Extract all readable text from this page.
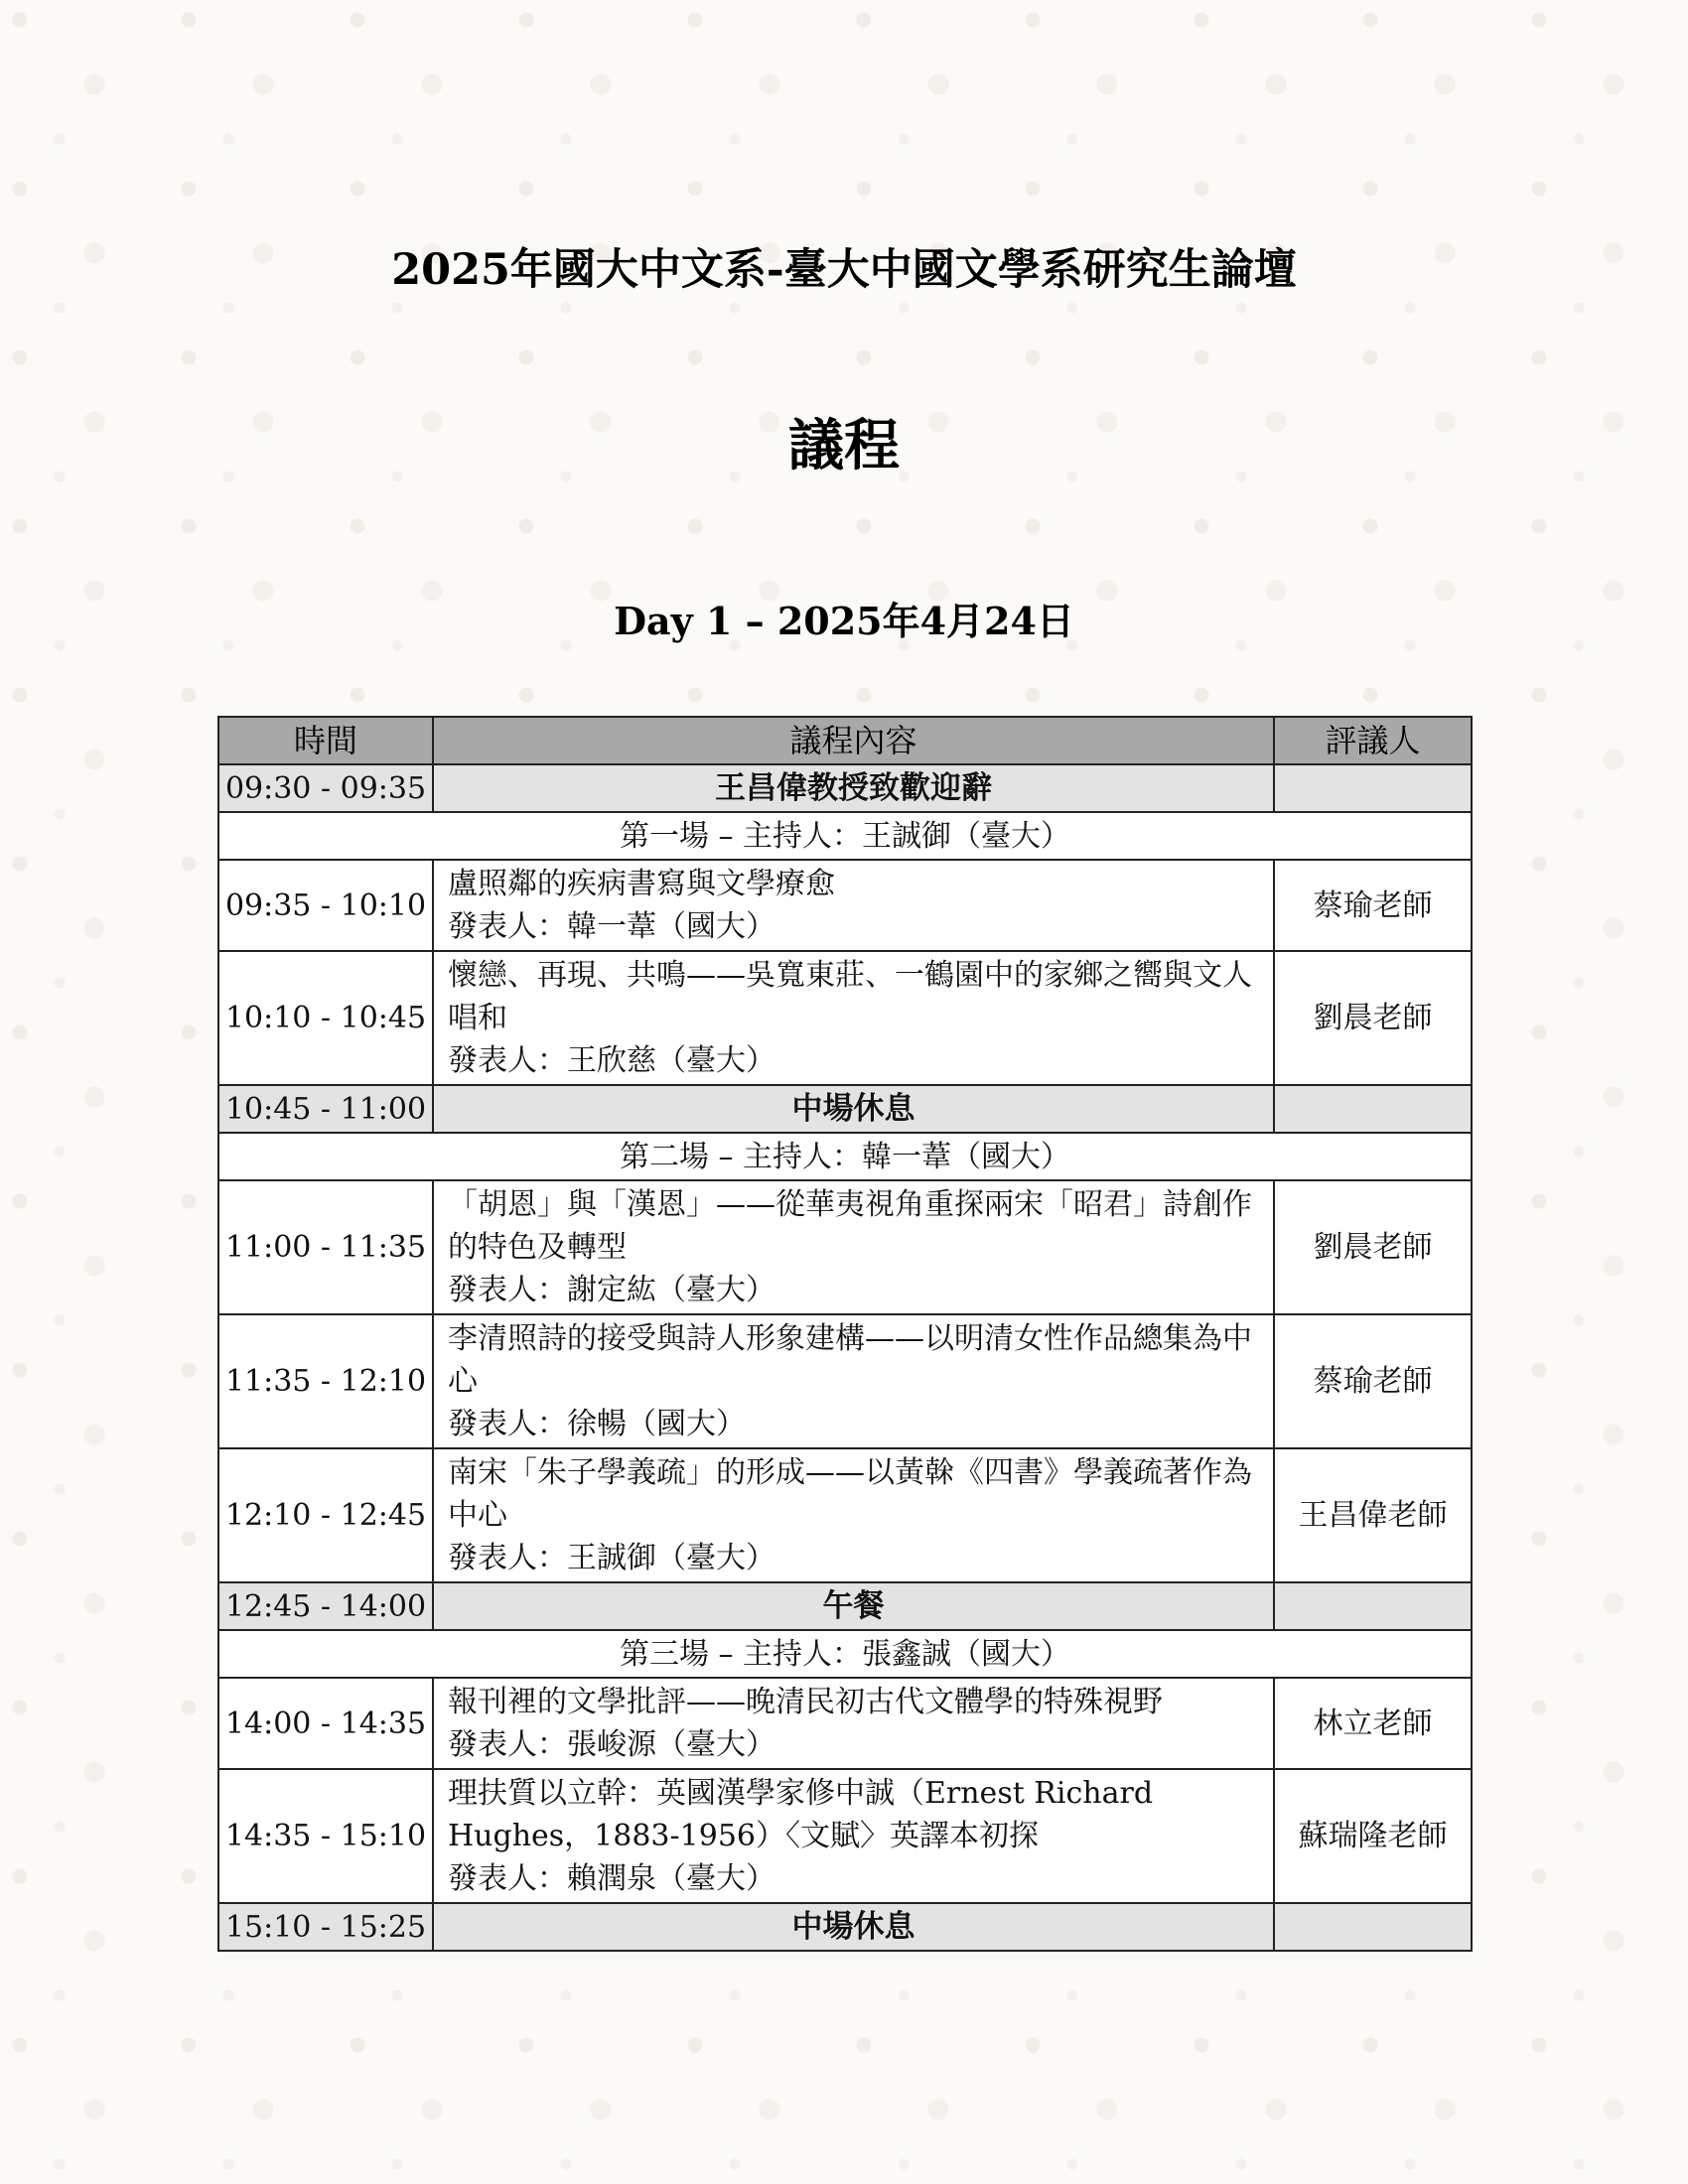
2025年國大中文系-臺大中國文學系研究生論壇
議程
Day 1 – 2025年4月24日
時間	議程內容	評議人
09:30 - 09:35	王昌偉教授致歡迎辭	
第一場 – 主持人：王誠御（臺大）		
09:35 - 10:10	盧照鄰的疾病書寫與文學療愈
發表人：韓一葦（國大）	蔡瑜老師
10:10 - 10:45	懷戀、再現、共鳴——吳寬東莊、一鶴園中的家鄉之嚮與文人唱和
發表人：王欣慈（臺大）	劉晨老師
10:45 - 11:00	中場休息	
第二場 – 主持人：韓一葦（國大）		
11:00 - 11:35	「胡恩」與「漢恩」——從華夷視角重探兩宋「昭君」詩創作的特色及轉型
發表人：謝定紘（臺大）	劉晨老師
11:35 - 12:10	李清照詩的接受與詩人形象建構——以明清女性作品總集為中心
發表人：徐暢（國大）	蔡瑜老師
12:10 - 12:45	南宋「朱子學義疏」的形成——以黃榦《四書》學義疏著作為中心
發表人：王誠御（臺大）	王昌偉老師
12:45 - 14:00	午餐	
第三場 – 主持人：張鑫誠（國大）		
14:00 - 14:35	報刊裡的文學批評——晚清民初古代文體學的特殊視野
發表人：張峻源（臺大）	林立老師
14:35 - 15:10	理扶質以立幹：英國漢學家修中誠（Ernest Richard Hughes，1883-1956）〈文賦〉英譯本初探
發表人：賴潤泉（臺大）	蘇瑞隆老師
15:10 - 15:25	中場休息	
